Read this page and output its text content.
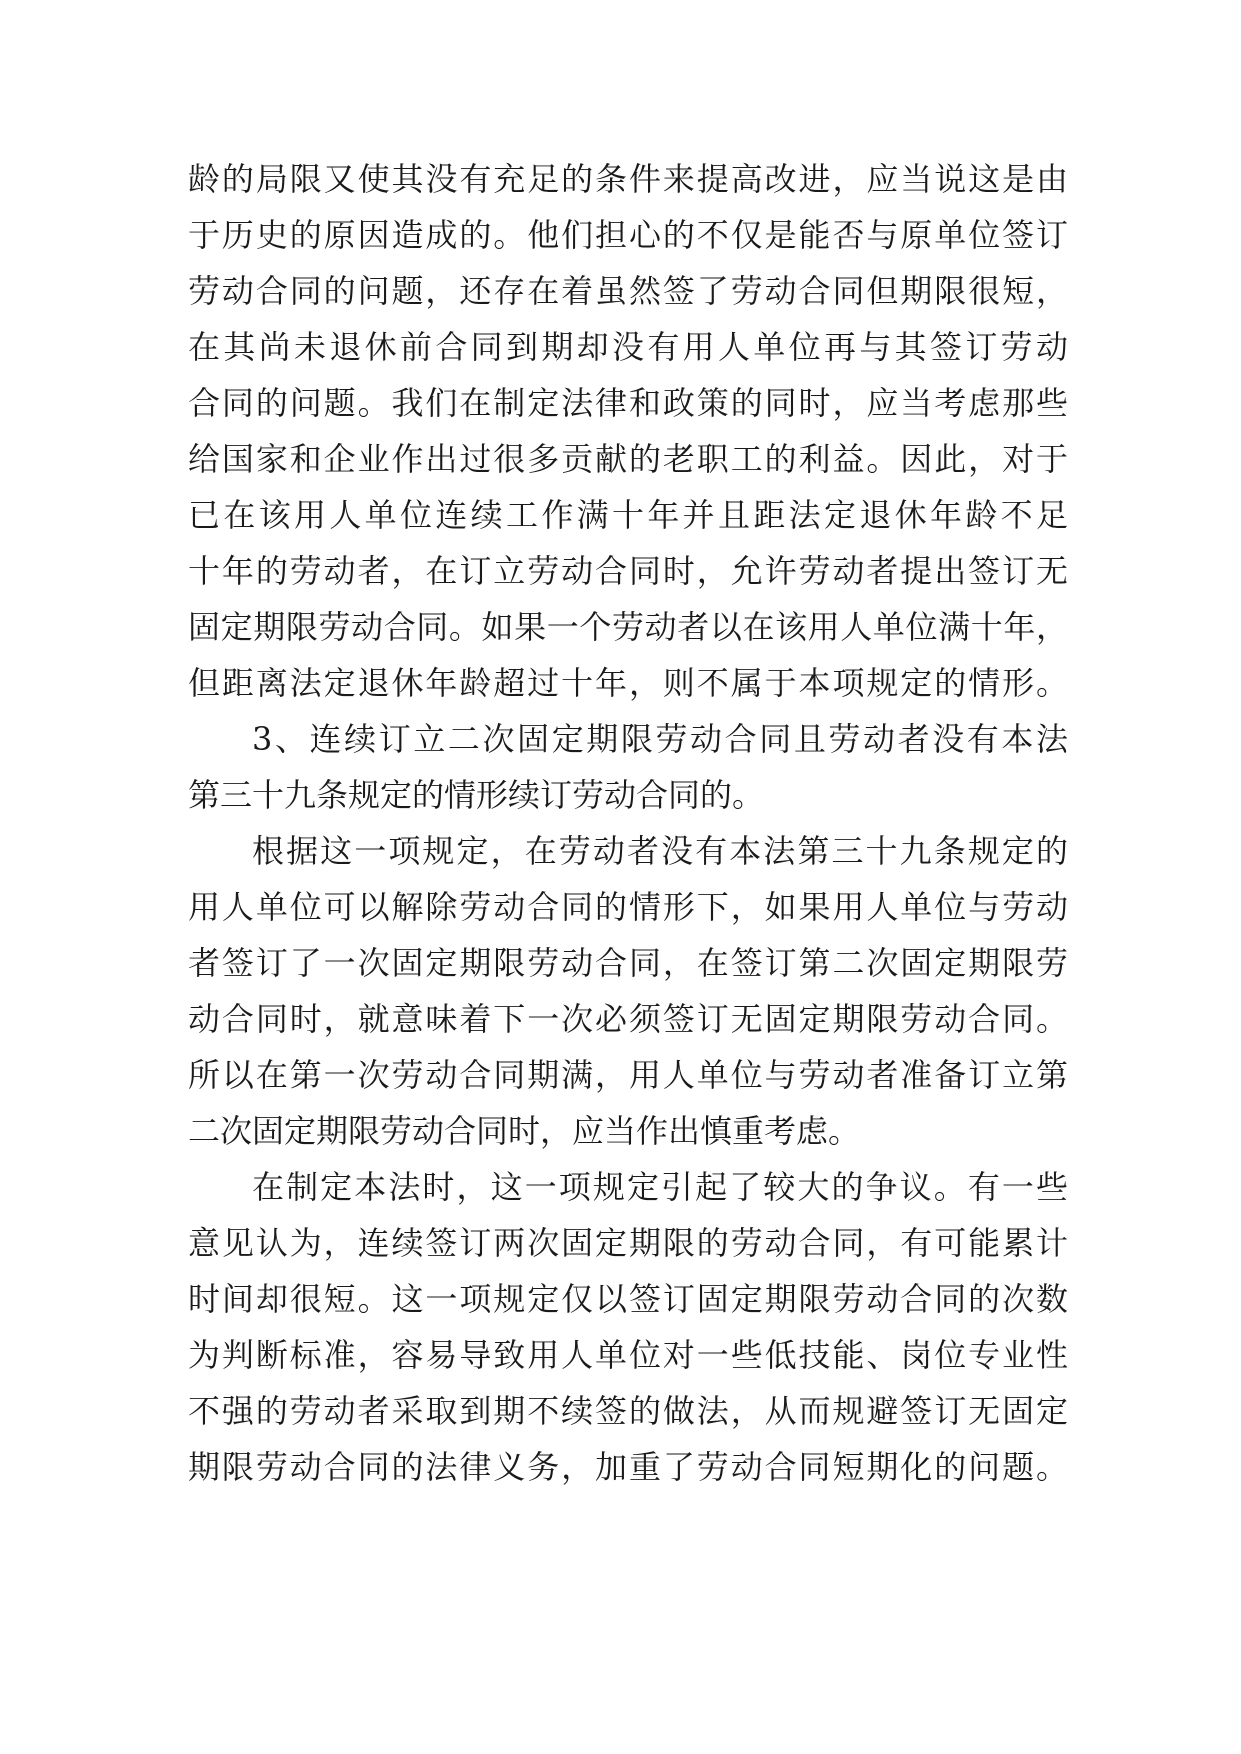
龄的局限又使其没有充足的条件来提高改进，应当说这是由
于历史的原因造成的。他们担心的不仅是能否与原单位签订
劳动合同的问题，还存在着虽然签了劳动合同但期限很短，
在其尚未退休前合同到期却没有用人单位再与其签订劳动
合同的问题。我们在制定法律和政策的同时，应当考虑那些
给国家和企业作出过很多贡献的老职工的利益。因此，对于
已在该用人单位连续工作满十年并且距法定退休年龄不足
十年的劳动者，在订立劳动合同时，允许劳动者提出签订无
固定期限劳动合同。如果一个劳动者以在该用人单位满十年，
但距离法定退休年龄超过十年，则不属于本项规定的情形。
3、连续订立二次固定期限劳动合同且劳动者没有本法
第三十九条规定的情形续订劳动合同的。
根据这一项规定，在劳动者没有本法第三十九条规定的
用人单位可以解除劳动合同的情形下，如果用人单位与劳动
者签订了一次固定期限劳动合同，在签订第二次固定期限劳
动合同时，就意味着下一次必须签订无固定期限劳动合同。
所以在第一次劳动合同期满，用人单位与劳动者准备订立第
二次固定期限劳动合同时，应当作出慎重考虑。
在制定本法时，这一项规定引起了较大的争议。有一些
意见认为，连续签订两次固定期限的劳动合同，有可能累计
时间却很短。这一项规定仅以签订固定期限劳动合同的次数
为判断标准，容易导致用人单位对一些低技能、岗位专业性
不强的劳动者采取到期不续签的做法，从而规避签订无固定
期限劳动合同的法律义务，加重了劳动合同短期化的问题。
